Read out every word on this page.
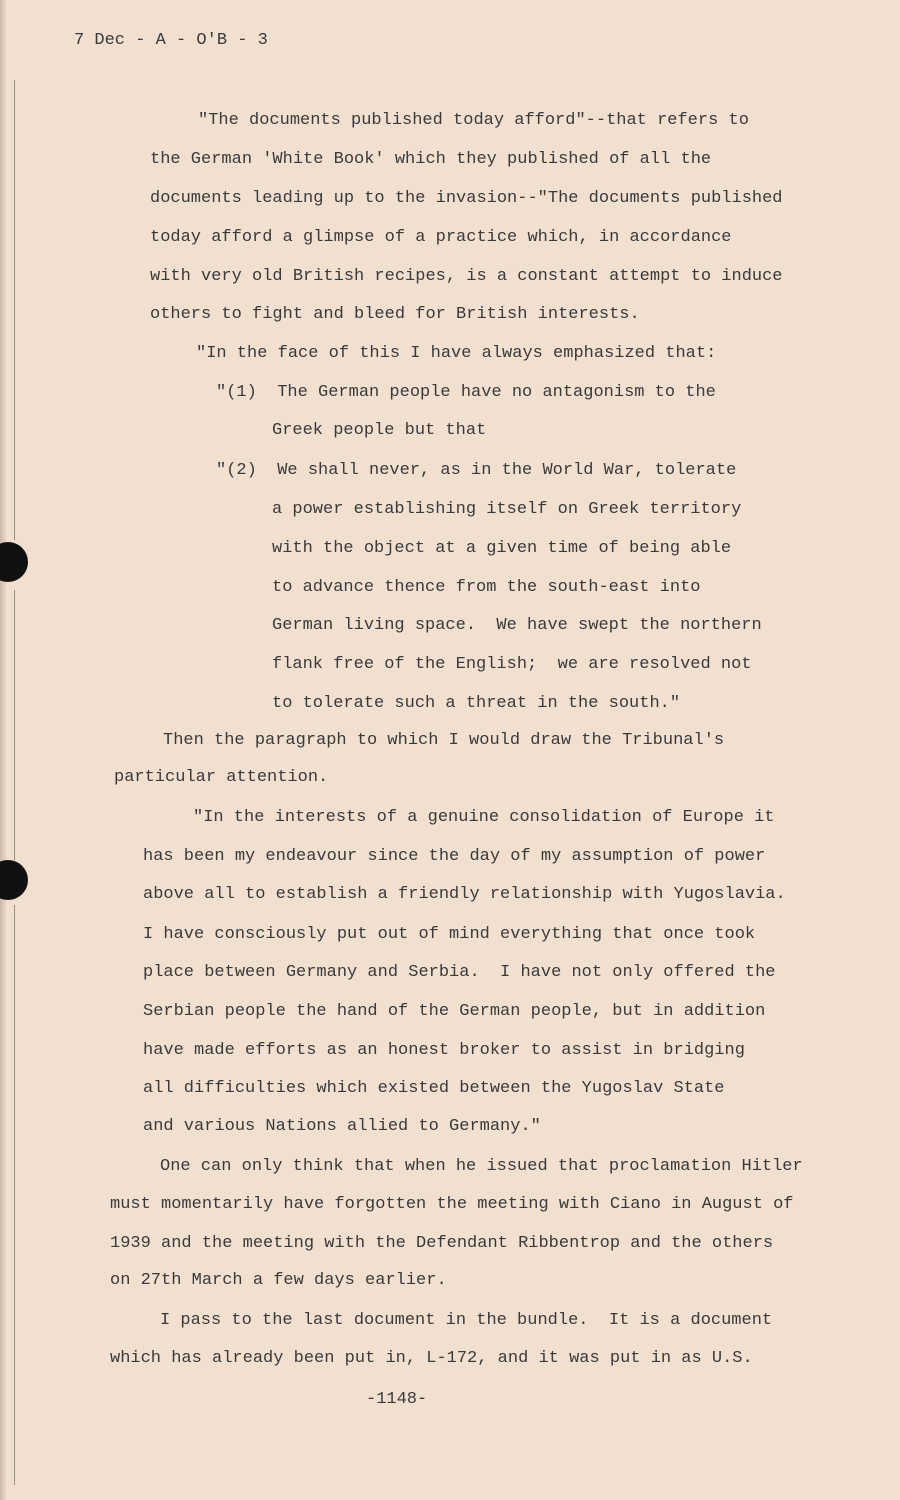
7 Dec - A - O'B - 3
"The documents published today afford"--that refers to
the German 'White Book' which they published of all the
documents leading up to the invasion--"The documents published
today afford a glimpse of a practice which, in accordance
with very old British recipes, is a constant attempt to induce
others to fight and bleed for British interests.
"In the face of this I have always emphasized that:
"(1)  The German people have no antagonism to the
Greek people but that
"(2)  We shall never, as in the World War, tolerate
a power establishing itself on Greek territory
with the object at a given time of being able
to advance thence from the south-east into
German living space.  We have swept the northern
flank free of the English;  we are resolved not
to tolerate such a threat in the south."
Then the paragraph to which I would draw the Tribunal's
particular attention.
"In the interests of a genuine consolidation of Europe it
has been my endeavour since the day of my assumption of power
above all to establish a friendly relationship with Yugoslavia.
I have consciously put out of mind everything that once took
place between Germany and Serbia.  I have not only offered the
Serbian people the hand of the German people, but in addition
have made efforts as an honest broker to assist in bridging
all difficulties which existed between the Yugoslav State
and various Nations allied to Germany."
One can only think that when he issued that proclamation Hitler
must momentarily have forgotten the meeting with Ciano in August of
1939 and the meeting with the Defendant Ribbentrop and the others
on 27th March a few days earlier.
I pass to the last document in the bundle.  It is a document
which has already been put in, L-172, and it was put in as U.S.
-1148-
